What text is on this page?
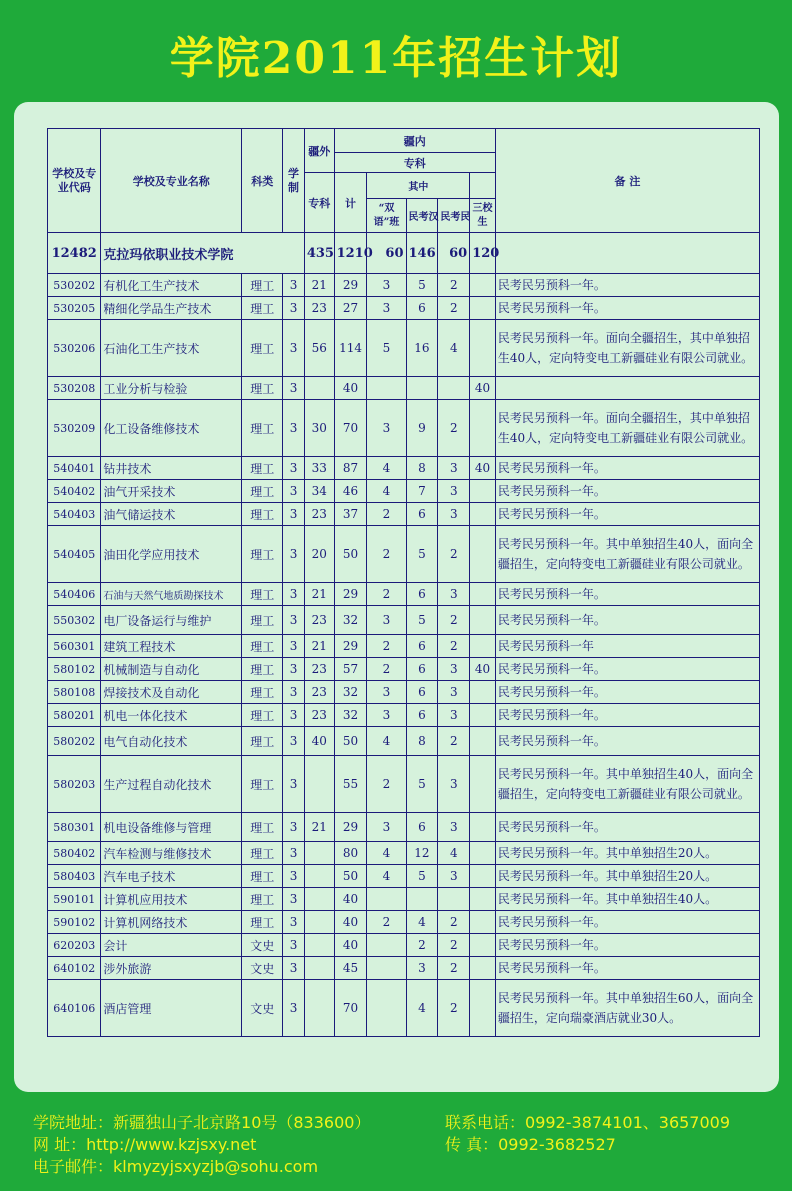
学院2011年招生计划
学校及专业代码	学校及专业名称	科类	学制	疆外	疆内					备 注
					专科					
				专科	计	其中				
						“双语”班	民考汉	民考民	三校生	
12482	克拉玛依职业技术学院			435	1210	60	146	60	120	
530202	有机化工生产技术	理工	3	21	29	3	5	2		民考民另预科一年。
530205	精细化学品生产技术	理工	3	23	27	3	6	2		民考民另预科一年。
530206	石油化工生产技术	理工	3	56	114	5	16	4		民考民另预科一年。面向全疆招生，其中单独招生40人，定向特变电工新疆硅业有限公司就业。
530208	工业分析与检验	理工	3		40				40	
530209	化工设备维修技术	理工	3	30	70	3	9	2		民考民另预科一年。面向全疆招生，其中单独招生40人，定向特变电工新疆硅业有限公司就业。
540401	钻井技术	理工	3	33	87	4	8	3	40	民考民另预科一年。
540402	油气开采技术	理工	3	34	46	4	7	3		民考民另预科一年。
540403	油气储运技术	理工	3	23	37	2	6	3		民考民另预科一年。
540405	油田化学应用技术	理工	3	20	50	2	5	2		民考民另预科一年。其中单独招生40人，面向全疆招生，定向特变电工新疆硅业有限公司就业。
540406	石油与天然气地质勘探技术	理工	3	21	29	2	6	3		民考民另预科一年。
550302	电厂设备运行与维护	理工	3	23	32	3	5	2		民考民另预科一年。
560301	建筑工程技术	理工	3	21	29	2	6	2		民考民另预科一年
580102	机械制造与自动化	理工	3	23	57	2	6	3	40	民考民另预科一年。
580108	焊接技术及自动化	理工	3	23	32	3	6	3		民考民另预科一年。
580201	机电一体化技术	理工	3	23	32	3	6	3		民考民另预科一年。
580202	电气自动化技术	理工	3	40	50	4	8	2		民考民另预科一年。
580203	生产过程自动化技术	理工	3		55	2	5	3		民考民另预科一年。其中单独招生40人，面向全疆招生，定向特变电工新疆硅业有限公司就业。
580301	机电设备维修与管理	理工	3	21	29	3	6	3		民考民另预科一年。
580402	汽车检测与维修技术	理工	3		80	4	12	4		民考民另预科一年。其中单独招生20人。
580403	汽车电子技术	理工	3		50	4	5	3		民考民另预科一年。其中单独招生20人。
590101	计算机应用技术	理工	3		40					民考民另预科一年。其中单独招生40人。
590102	计算机网络技术	理工	3		40	2	4	2		民考民另预科一年。
620203	会计	文史	3		40		2	2		民考民另预科一年。
640102	涉外旅游	文史	3		45		3	2		民考民另预科一年。
640106	酒店管理	文史	3		70		4	2		民考民另预科一年。其中单独招生60人，面向全疆招生，定向瑞豪酒店就业30人。
学院地址：新疆独山子北京路10号（833600）	联系电话：0992-3874101、3657009
网 址：http://www.kzjsxy.net	传 真：0992-3682527
电子邮件：klmyzyjsxyzjb@sohu.com
